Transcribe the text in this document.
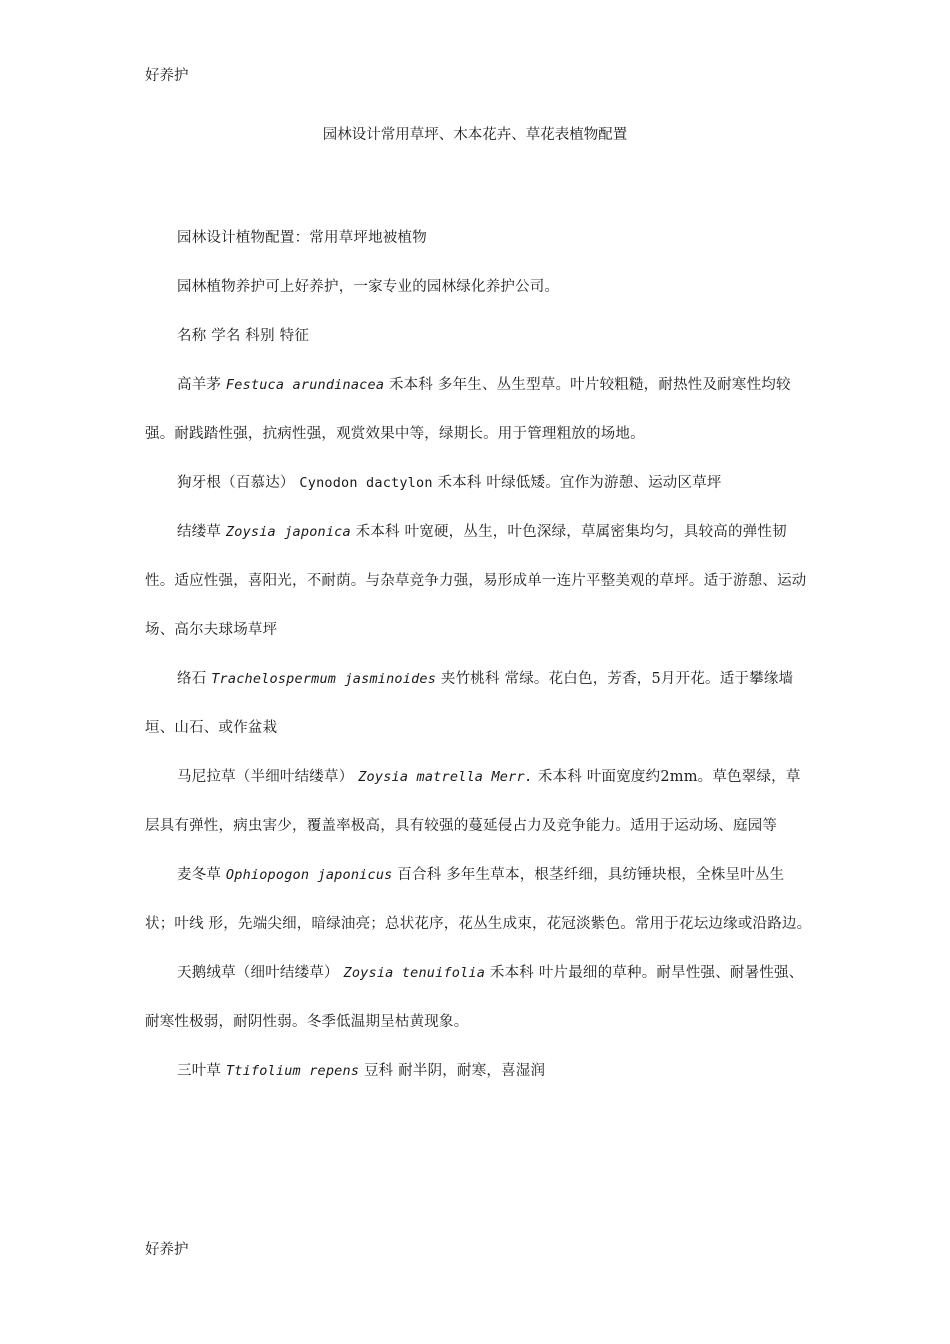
好养护
园林设计常用草坪、木本花卉、草花表植物配置

园林设计植物配置：常用草坪地被植物

园林植物养护可上好养护，一家专业的园林绿化养护公司。

名称 学名 科别 特征

高羊茅 Festuca arundinacea 禾本科 多年生、丛生型草。叶片较粗糙，耐热性及耐寒性均较强。耐践踏性强，抗病性强，观赏效果中等，绿期长。用于管理粗放的场地。

狗牙根（百慕达） Cynodon dactylon 禾本科 叶绿低矮。宜作为游憩、运动区草坪

结缕草 Zoysia japonica 禾本科 叶宽硬，丛生，叶色深绿，草属密集均匀，具较高的弹性韧性。适应性强，喜阳光，不耐荫。与杂草竞争力强，易形成单一连片平整美观的草坪。适于游憩、运动场、高尔夫球场草坪

络石 Trachelospermum jasminoides 夹竹桃科 常绿。花白色，芳香，5月开花。适于攀缘墙垣、山石、或作盆栽

马尼拉草（半细叶结缕草） Zoysia matrella Merr. 禾本科 叶面宽度约2mm。草色翠绿，草层具有弹性，病虫害少，覆盖率极高，具有较强的蔓延侵占力及竞争能力。适用于运动场、庭园等

麦冬草 Ophiopogon japonicus 百合科 多年生草本，根茎纤细，具纺锤块根，全株呈叶丛生状；叶线 形，先端尖细，暗绿油亮；总状花序，花丛生成束，花冠淡紫色。常用于花坛边缘或沿路边。

天鹅绒草（细叶结缕草） Zoysia tenuifolia 禾本科 叶片最细的草种。耐旱性强、耐暑性强、耐寒性极弱，耐阴性弱。冬季低温期呈枯黄现象。

三叶草 Ttifolium repens 豆科 耐半阴，耐寒，喜湿润

好养护
